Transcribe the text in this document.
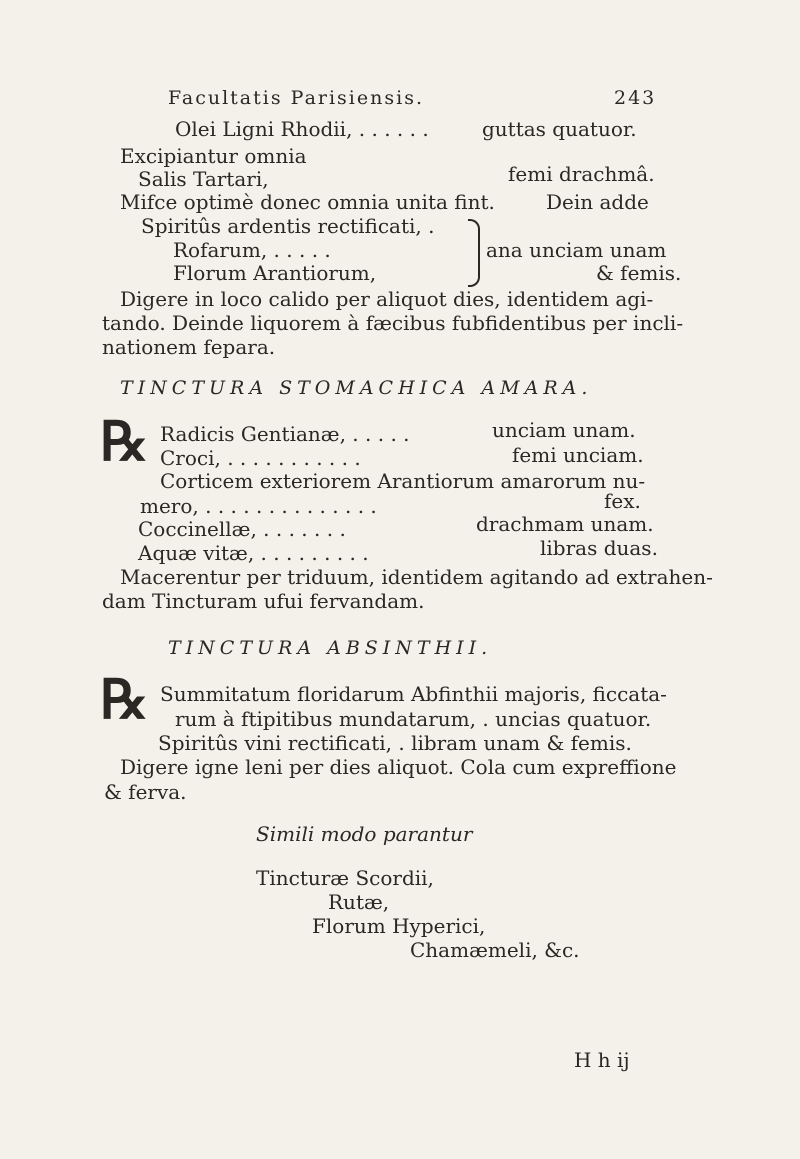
Facultatis Parisiensis.	243
Olei Ligni Rhodii, . . . . . .	guttas quatuor.
Excipiantur omnia
Salis Tartari,	femi drachmâ.
Mifce optimè donec omnia unita fint.	Dein adde
Spiritûs ardentis rectificati, .
Rofarum, . . . . .
Florum Arantiorum,
ana unciam unam
& femis.
Digere in loco calido per aliquot dies, identidem agi-
tando. Deinde liquorem à fæcibus fubfidentibus per incli-
nationem fepara.
TINCTURA STOMACHICA AMARA.
℞ Radicis Gentianæ, . . . . .	unciam unam.
Croci, . . . . . . . . . . .	femi unciam.
Corticem exteriorem Arantiorum amarorum nu-
mero, . . . . . . . . . . . . . .	fex.
Coccinellæ, . . . . . . .	drachmam unam.
Aquæ vitæ, . . . . . . . . .	libras duas.
Macerentur per triduum, identidem agitando ad extrahen-
dam Tincturam ufui fervandam.
TINCTURA ABSINTHII.
℞ Summitatum floridarum Abfinthii majoris, ficcata-
rum à ftipitibus mundatarum, . uncias quatuor.
Spiritûs vini rectificati, . libram unam & femis.
Digere igne leni per dies aliquot. Cola cum expreffione
& ferva.
Simili modo parantur
Tincturæ Scordii,
Rutæ,
Florum Hyperici,
Chamæmeli, &c.
H h ij
